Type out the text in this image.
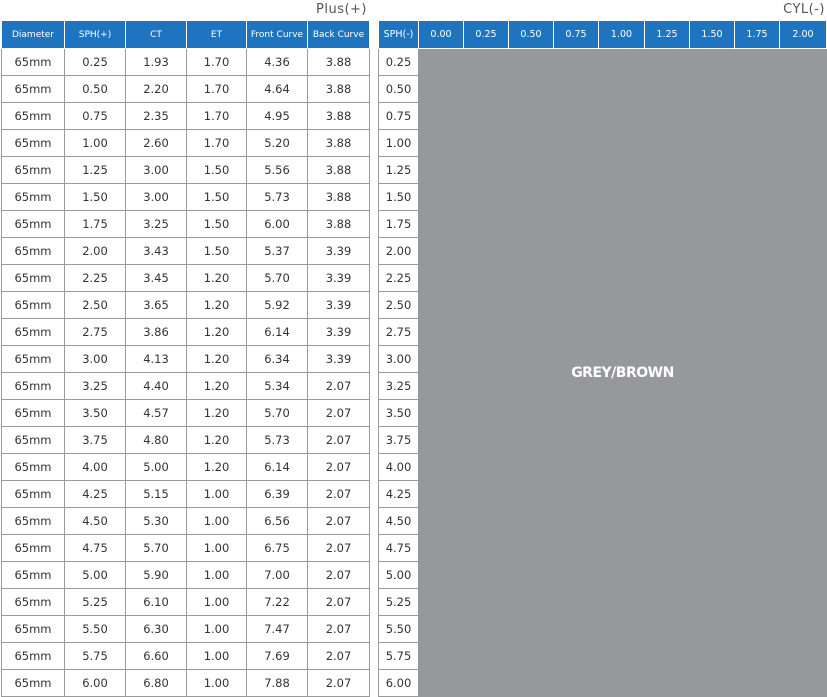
Plus(+)	CYL(-)
Diameter	SPH(+)	CT	ET	Front Curve	Back Curve
65mm	0.25	1.93	1.70	4.36	3.88
65mm	0.50	2.20	1.70	4.64	3.88
65mm	0.75	2.35	1.70	4.95	3.88
65mm	1.00	2.60	1.70	5.20	3.88
65mm	1.25	3.00	1.50	5.56	3.88
65mm	1.50	3.00	1.50	5.73	3.88
65mm	1.75	3.25	1.50	6.00	3.88
65mm	2.00	3.43	1.50	5.37	3.39
65mm	2.25	3.45	1.20	5.70	3.39
65mm	2.50	3.65	1.20	5.92	3.39
65mm	2.75	3.86	1.20	6.14	3.39
65mm	3.00	4.13	1.20	6.34	3.39
65mm	3.25	4.40	1.20	5.34	2.07
65mm	3.50	4.57	1.20	5.70	2.07
65mm	3.75	4.80	1.20	5.73	2.07
65mm	4.00	5.00	1.20	6.14	2.07
65mm	4.25	5.15	1.00	6.39	2.07
65mm	4.50	5.30	1.00	6.56	2.07
65mm	4.75	5.70	1.00	6.75	2.07
65mm	5.00	5.90	1.00	7.00	2.07
65mm	5.25	6.10	1.00	7.22	2.07
65mm	5.50	6.30	1.00	7.47	2.07
65mm	5.75	6.60	1.00	7.69	2.07
65mm	6.00	6.80	1.00	7.88	2.07
SPH(-)	0.00	0.25	0.50	0.75	1.00	1.25	1.50	1.75	2.00
0.25	GREY/BROWN								
0.50									
0.75									
1.00									
1.25									
1.50									
1.75									
2.00									
2.25									
2.50									
2.75									
3.00									
3.25									
3.50									
3.75									
4.00									
4.25									
4.50									
4.75									
5.00									
5.25									
5.50									
5.75									
6.00									
